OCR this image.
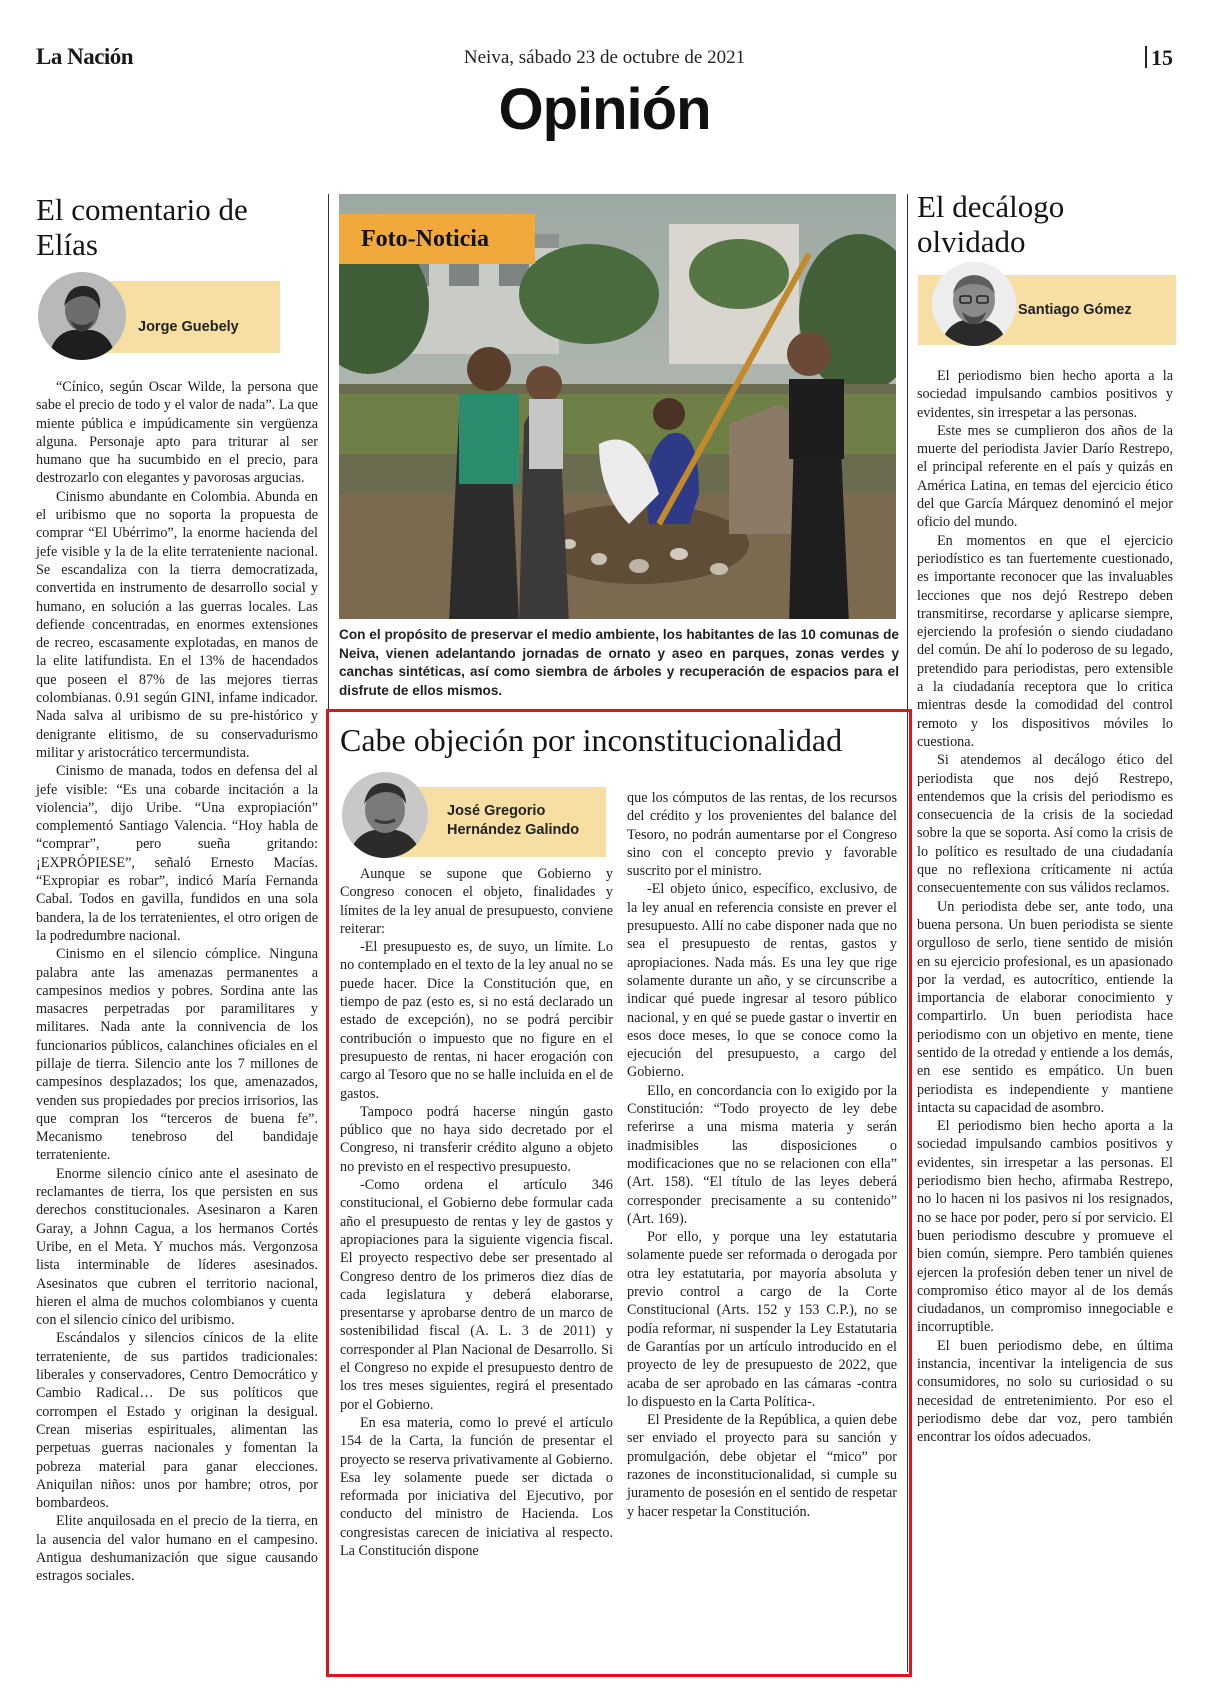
La Nación	Neiva, sábado 23 de octubre de 2021	15
Opinión
El comentario de Elías
Jorge Guebely

“Cínico, según Oscar Wilde, la persona que sabe el precio de todo y el valor de nada”. La que miente pública e impúdicamente sin vergüenza alguna. Personaje apto para triturar al ser humano que ha sucumbido en el precio, para destrozarlo con elegantes y pavorosas argucias.

Cinismo abundante en Colombia. Abunda en el uribismo que no soporta la propuesta de comprar “El Ubérrimo”, la enorme hacienda del jefe visible y la de la elite terrateniente nacional. Se escandaliza con la tierra democratizada, convertida en instrumento de desarrollo social y humano, en solución a las guerras locales. Las defiende concentradas, en enormes extensiones de recreo, escasamente explotadas, en manos de la elite latifundista. En el 13% de hacendados que poseen el 87% de las mejores tierras colombianas. 0.91 según GINI, infame indicador. Nada salva al uribismo de su pre-histórico y denigrante elitismo, de su conservadurismo militar y aristocrático tercermundista.

Cinismo de manada, todos en defensa del al jefe visible: “Es una cobarde incitación a la violencia”, dijo Uribe. “Una expropiación” complementó Santiago Valencia. “Hoy habla de “comprar”, pero sueña gritando: ¡EXPRÓPIESE”, señaló Ernesto Macías. “Expropiar es robar”, indicó María Fernanda Cabal. Todos en gavilla, fundidos en una sola bandera, la de los terratenientes, el otro origen de la podredumbre nacional.

Cinismo en el silencio cómplice. Ninguna palabra ante las amenazas permanentes a campesinos medios y pobres. Sordina ante las masacres perpetradas por paramilitares y militares. Nada ante la connivencia de los funcionarios públicos, calanchines oficiales en el pillaje de tierra. Silencio ante los 7 millones de campesinos desplazados; los que, amenazados, venden sus propiedades por precios irrisorios, las que compran los “terceros de buena fe”. Mecanismo tenebroso del bandidaje terrateniente.

Enorme silencio cínico ante el asesinato de reclamantes de tierra, los que persisten en sus derechos constitucionales. Asesinaron a Karen Garay, a Johnn Cagua, a los hermanos Cortés Uribe, en el Meta. Y muchos más. Vergonzosa lista interminable de líderes asesinados. Asesinatos que cubren el territorio nacional, hieren el alma de muchos colombianos y cuenta con el silencio cínico del uribismo.

Escándalos y silencios cínicos de la elite terrateniente, de sus partidos tradicionales: liberales y conservadores, Centro Democrático y Cambio Radical… De sus políticos que corrompen el Estado y originan la desigual. Crean miserias espirituales, alimentan las perpetuas guerras nacionales y fomentan la pobreza material para ganar elecciones. Aniquilan niños: unos por hambre; otros, por bombardeos.

Elite anquilosada en el precio de la tierra, en la ausencia del valor humano en el campesino. Antigua deshumanización que sigue causando estragos sociales.

Foto-Noticia
Con el propósito de preservar el medio ambiente, los habitantes de las 10 comunas de Neiva, vienen adelantando jornadas de ornato y aseo en parques, zonas verdes y canchas sintéticas, así como siembra de árboles y recuperación de espacios para el disfrute de ellos mismos.
Cabe objeción por inconstitucionalidad
José Gregorio
Hernández Galindo

Aunque se supone que Gobierno y Congreso conocen el objeto, finalidades y límites de la ley anual de presupuesto, conviene reiterar:

-El presupuesto es, de suyo, un límite. Lo no contemplado en el texto de la ley anual no se puede hacer. Dice la Constitución que, en tiempo de paz (esto es, si no está declarado un estado de excepción), no se podrá percibir contribución o impuesto que no figure en el presupuesto de rentas, ni hacer erogación con cargo al Tesoro que no se halle incluida en el de gastos.

Tampoco podrá hacerse ningún gasto público que no haya sido decretado por el Congreso, ni transferir crédito alguno a objeto no previsto en el respectivo presupuesto.

-Como ordena el artículo 346 constitucional, el Gobierno debe formular cada año el presupuesto de rentas y ley de gastos y apropiaciones para la siguiente vigencia fiscal. El proyecto respectivo debe ser presentado al Congreso dentro de los primeros diez días de cada legislatura y deberá elaborarse, presentarse y aprobarse dentro de un marco de sostenibilidad fiscal (A. L. 3 de 2011) y corresponder al Plan Nacional de Desarrollo. Si el Congreso no expide el presupuesto dentro de los tres meses siguientes, regirá el presentado por el Gobierno.

En esa materia, como lo prevé el artículo 154 de la Carta, la función de presentar el proyecto se reserva privativamente al Gobierno. Esa ley solamente puede ser dictada o reformada por iniciativa del Ejecutivo, por conducto del ministro de Hacienda. Los congresistas carecen de iniciativa al respecto. La Constitución dispone

que los cómputos de las rentas, de los recursos del crédito y los provenientes del balance del Tesoro, no podrán aumentarse por el Congreso sino con el concepto previo y favorable suscrito por el ministro.

-El objeto único, específico, exclusivo, de la ley anual en referencia consiste en prever el presupuesto. Allí no cabe disponer nada que no sea el presupuesto de rentas, gastos y apropiaciones. Nada más. Es una ley que rige solamente durante un año, y se circunscribe a indicar qué puede ingresar al tesoro público nacional, y en qué se puede gastar o invertir en esos doce meses, lo que se conoce como la ejecución del presupuesto, a cargo del Gobierno.

Ello, en concordancia con lo exigido por la Constitución: “Todo proyecto de ley debe referirse a una misma materia y serán inadmisibles las disposiciones o modificaciones que no se relacionen con ella” (Art. 158). “El título de las leyes deberá corresponder precisamente a su contenido” (Art. 169).

Por ello, y porque una ley estatutaria solamente puede ser reformada o derogada por otra ley estatutaria, por mayoría absoluta y previo control a cargo de la Corte Constitucional (Arts. 152 y 153 C.P.), no se podía reformar, ni suspender la Ley Estatutaria de Garantías por un artículo introducido en el proyecto de ley de presupuesto de 2022, que acaba de ser aprobado en las cámaras -contra lo dispuesto en la Carta Política-.

El Presidente de la República, a quien debe ser enviado el proyecto para su sanción y promulgación, debe objetar el “mico” por razones de inconstitucionalidad, si cumple su juramento de posesión en el sentido de respetar y hacer respetar la Constitución.

El decálogo olvidado
Santiago Gómez

El periodismo bien hecho aporta a la sociedad impulsando cambios positivos y evidentes, sin irrespetar a las personas.

Este mes se cumplieron dos años de la muerte del periodista Javier Darío Restrepo, el principal referente en el país y quizás en América Latina, en temas del ejercicio ético del que García Márquez denominó el mejor oficio del mundo.

En momentos en que el ejercicio periodístico es tan fuertemente cuestionado, es importante reconocer que las invaluables lecciones que nos dejó Restrepo deben transmitirse, recordarse y aplicarse siempre, ejerciendo la profesión o siendo ciudadano del común. De ahí lo poderoso de su legado, pretendido para periodistas, pero extensible a la ciudadanía receptora que lo critica mientras desde la comodidad del control remoto y los dispositivos móviles lo cuestiona.

Si atendemos al decálogo ético del periodista que nos dejó Restrepo, entendemos que la crisis del periodismo es consecuencia de la crisis de la sociedad sobre la que se soporta. Así como la crisis de lo político es resultado de una ciudadanía que no reflexiona críticamente ni actúa consecuentemente con sus válidos reclamos.

Un periodista debe ser, ante todo, una buena persona. Un buen periodista se siente orgulloso de serlo, tiene sentido de misión en su ejercicio profesional, es un apasionado por la verdad, es autocrítico, entiende la importancia de elaborar conocimiento y compartirlo. Un buen periodista hace periodismo con un objetivo en mente, tiene sentido de la otredad y entiende a los demás, en ese sentido es empático. Un buen periodista es independiente y mantiene intacta su capacidad de asombro.

El periodismo bien hecho aporta a la sociedad impulsando cambios positivos y evidentes, sin irrespetar a las personas. El periodismo bien hecho, afirmaba Restrepo, no lo hacen ni los pasivos ni los resignados, no se hace por poder, pero sí por servicio. El buen periodismo descubre y promueve el bien común, siempre. Pero también quienes ejercen la profesión deben tener un nivel de compromiso ético mayor al de los demás ciudadanos, un compromiso innegociable e incorruptible.

El buen periodismo debe, en última instancia, incentivar la inteligencia de sus consumidores, no solo su curiosidad o su necesidad de entretenimiento. Por eso el periodismo debe dar voz, pero también encontrar los oídos adecuados.
